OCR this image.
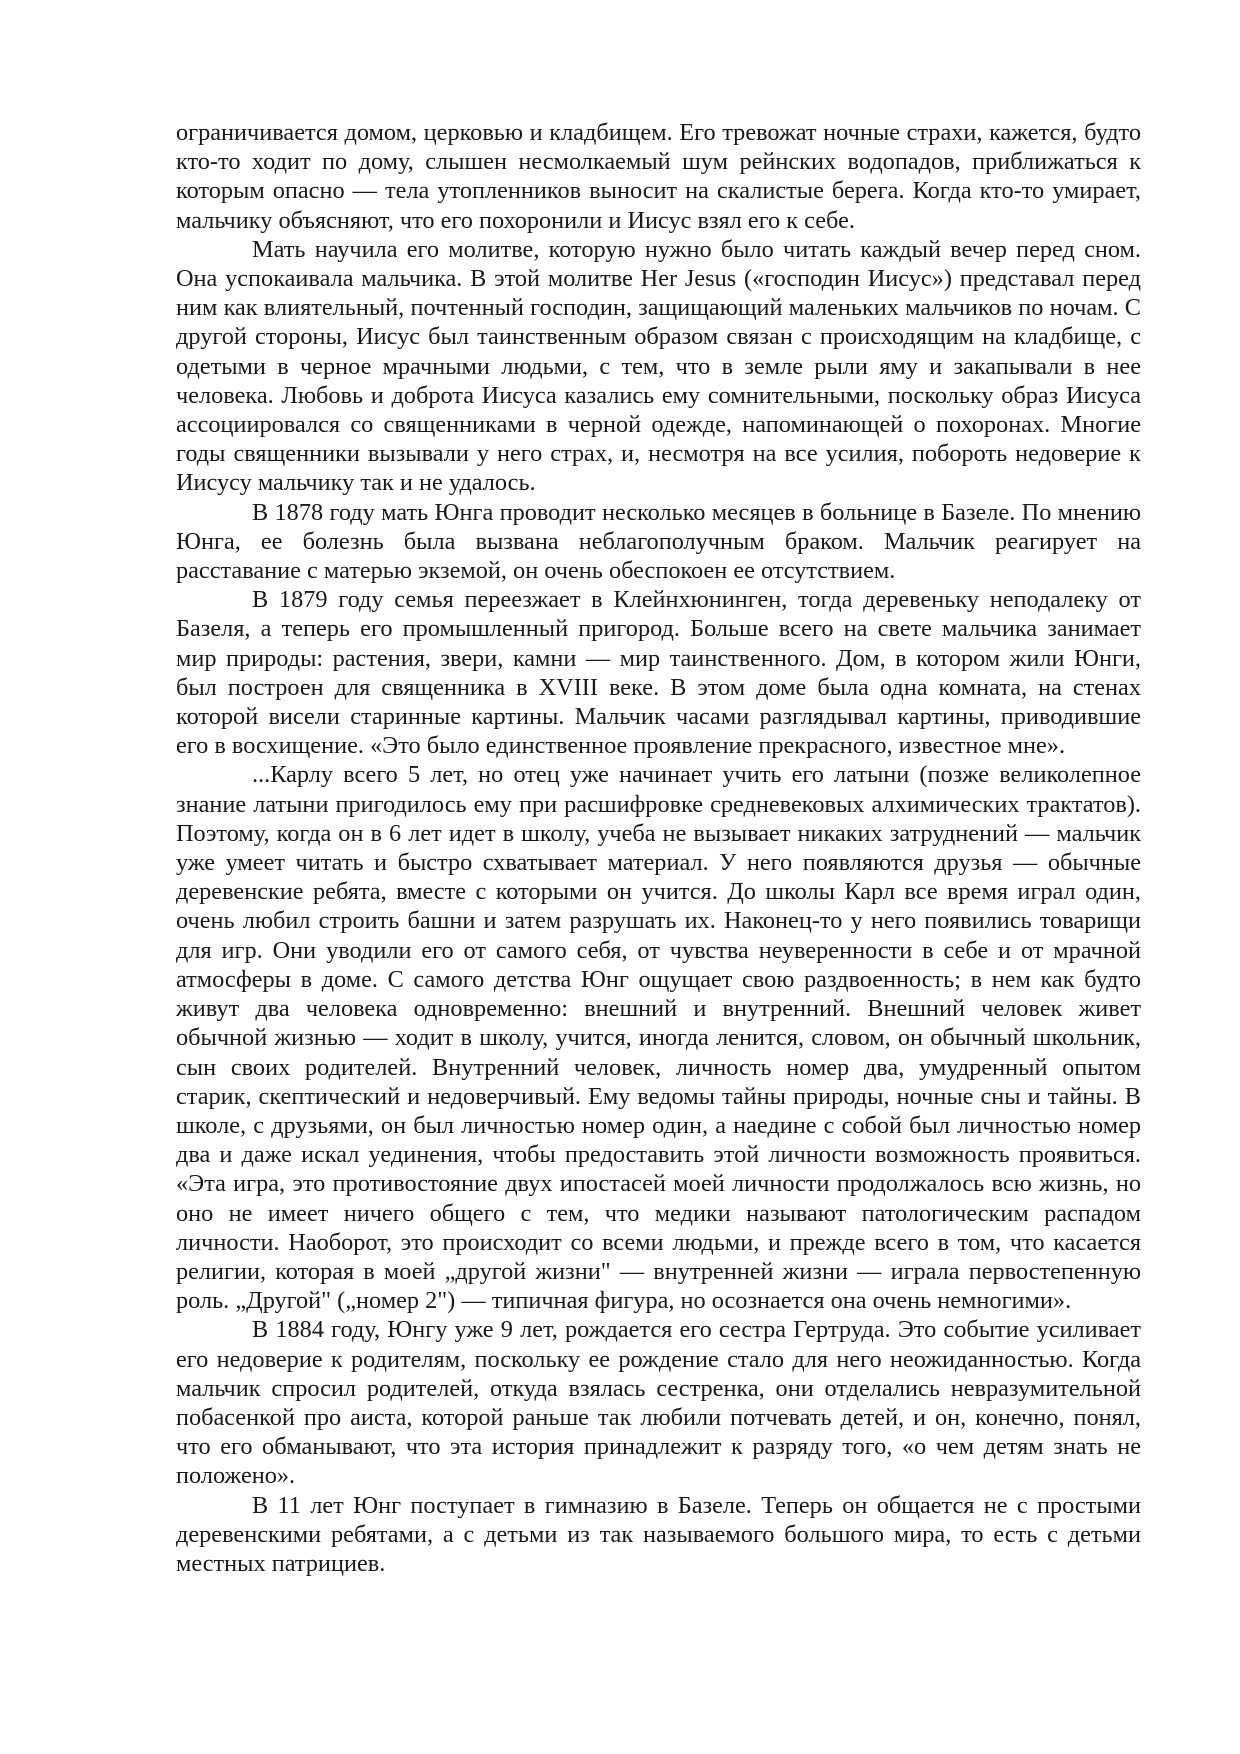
ограничивается домом, церковью и кладбищем. Его тревожат ночные страхи, кажется, будто кто-то ходит по дому, слышен несмолкаемый шум рейнских водопадов, приближаться к которым опасно — тела утопленников выносит на скалистые берега. Когда кто-то умирает, мальчику объясняют, что его похоронили и Иисус взял его к себе.

Мать научила его молитве, которую нужно было читать каждый вечер перед сном. Она успокаивала мальчика. В этой молитве Her Jesus («господин Иисус») представал перед ним как влиятельный, почтенный господин, защищающий маленьких мальчиков по ночам. С другой стороны, Иисус был таинственным образом связан с происходящим на кладбище, с одетыми в черное мрачными людьми, с тем, что в земле рыли яму и закапывали в нее человека. Любовь и доброта Иисуса казались ему сомнительными, поскольку образ Иисуса ассоциировался со священниками в черной одежде, напоминающей о похоронах. Многие годы священники вызывали у него страх, и, несмотря на все усилия, побороть недоверие к Иисусу мальчику так и не удалось.

В 1878 году мать Юнга проводит несколько месяцев в больнице в Базеле. По мнению Юнга, ее болезнь была вызвана неблагополучным браком. Мальчик реагирует на расставание с матерью экземой, он очень обеспокоен ее отсутствием.

В 1879 году семья переезжает в Клейнхюнинген, тогда деревеньку неподалеку от Базеля, а теперь его промышленный пригород. Больше всего на свете мальчика занимает мир природы: растения, звери, камни — мир таинственного. Дом, в котором жили Юнги, был построен для священника в XVIII веке. В этом доме была одна комната, на стенах которой висели старинные картины. Мальчик часами разглядывал картины, приводившие его в восхищение. «Это было единственное проявление прекрасного, известное мне».

...Карлу всего 5 лет, но отец уже начинает учить его латыни (позже великолепное знание латыни пригодилось ему при расшифровке средневековых алхимических трактатов). Поэтому, когда он в 6 лет идет в школу, учеба не вызывает никаких затруднений — мальчик уже умеет читать и быстро схватывает материал. У него появляются друзья — обычные деревенские ребята, вместе с которыми он учится. До школы Карл все время играл один, очень любил строить башни и затем разрушать их. Наконец-то у него появились товарищи для игр. Они уводили его от самого себя, от чувства неуверенности в себе и от мрачной атмосферы в доме. С самого детства Юнг ощущает свою раздвоенность; в нем как будто живут два человека одновременно: внешний и внутренний. Внешний человек живет обычной жизнью — ходит в школу, учится, иногда ленится, словом, он обычный школьник, сын своих родителей. Внутренний человек, личность номер два, умудренный опытом старик, скептический и недоверчивый. Ему ведомы тайны природы, ночные сны и тайны. В школе, с друзьями, он был личностью номер один, а наедине с собой был личностью номер два и даже искал уединения, чтобы предоставить этой личности возможность проявиться. «Эта игра, это противостояние двух ипостасей моей личности продолжалось всю жизнь, но оно не имеет ничего общего с тем, что медики называют патологическим распадом личности. Наоборот, это происходит со всеми людьми, и прежде всего в том, что касается религии, которая в моей „другой жизни" — внутренней жизни — играла первостепенную роль. „Другой" („номер 2") — типичная фигура, но осознается она очень немногими».

В 1884 году, Юнгу уже 9 лет, рождается его сестра Гертруда. Это событие усиливает его недоверие к родителям, поскольку ее рождение стало для него неожиданностью. Когда мальчик спросил родителей, откуда взялась сестренка, они отделались невразумительной побасенкой про аиста, которой раньше так любили потчевать детей, и он, конечно, понял, что его обманывают, что эта история принадлежит к разряду того, «о чем детям знать не положено».

В 11 лет Юнг поступает в гимназию в Базеле. Теперь он общается не с простыми деревенскими ребятами, а с детьми из так называемого большого мира, то есть с детьми местных патрициев.
